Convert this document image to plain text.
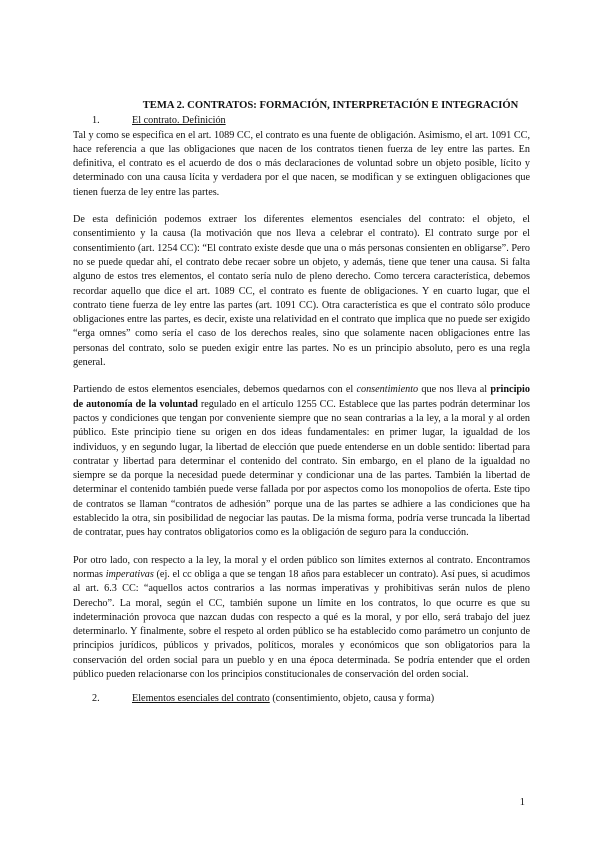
TEMA 2. CONTRATOS: FORMACIÓN, INTERPRETACIÓN E INTEGRACIÓN
1.	El contrato. Definición

Tal y como se especifica en el art. 1089 CC, el contrato es una fuente de obligación. Asimismo, el art. 1091 CC, hace referencia a que las obligaciones que nacen de los contratos tienen fuerza de ley entre las partes. En definitiva, el contrato es el acuerdo de dos o más declaraciones de voluntad sobre un objeto posible, lícito y determinado con una causa lícita y verdadera por el que nacen, se modifican y se extinguen obligaciones que tienen fuerza de ley entre las partes.

De esta definición podemos extraer los diferentes elementos esenciales del contrato: el objeto, el consentimiento y la causa (la motivación que nos lleva a celebrar el contrato). El contrato surge por el consentimiento (art. 1254 CC): “El contrato existe desde que una o más personas consienten en obligarse”. Pero no se puede quedar ahí, el contrato debe recaer sobre un objeto, y además, tiene que tener una causa. Si falta alguno de estos tres elementos, el contato sería nulo de pleno derecho. Como tercera característica, debemos recordar aquello que dice el art. 1089 CC, el contrato es fuente de obligaciones. Y en cuarto lugar, que el contrato tiene fuerza de ley entre las partes (art. 1091 CC). Otra característica es que el contrato sólo produce obligaciones entre las partes, es decir, existe una relatividad en el contrato que implica que no puede ser exigido “erga omnes” como sería el caso de los derechos reales, sino que solamente nacen obligaciones entre las personas del contrato, solo se pueden exigir entre las partes. No es un principio absoluto, pero es una regla general.

Partiendo de estos elementos esenciales, debemos quedarnos con el consentimiento que nos lleva al principio de autonomía de la voluntad regulado en el artículo 1255 CC. Establece que las partes podrán determinar los pactos y condiciones que tengan por conveniente siempre que no sean contrarias a la ley, a la moral y al orden público. Este principio tiene su origen en dos ideas fundamentales: en primer lugar, la igualdad de los individuos, y en segundo lugar, la libertad de elección que puede entenderse en un doble sentido: libertad para contratar y libertad para determinar el contenido del contrato. Sin embargo, en el plano de la igualdad no siempre se da porque la necesidad puede determinar y condicionar una de las partes. También la libertad de determinar el contenido también puede verse fallada por por aspectos como los monopolios de oferta. Este tipo de contratos se llaman “contratos de adhesión” porque una de las partes se adhiere a las condiciones que ha establecido la otra, sin posibilidad de negociar las pautas. De la misma forma, podría verse truncada la libertad de contratar, pues hay contratos obligatorios como es la obligación de seguro para la conducción.

Por otro lado, con respecto a la ley, la moral y el orden público son límites externos al contrato. Encontramos normas imperativas (ej. el cc obliga a que se tengan 18 años para establecer un contrato). Así pues, si acudimos al art. 6.3 CC: “aquellos actos contrarios a las normas imperativas y prohibitivas serán nulos de pleno Derecho”. La moral, según el CC, también supone un límite en los contratos, lo que ocurre es que su indeterminación provoca que nazcan dudas con respecto a qué es la moral, y por ello, será trabajo del juez determinarlo. Y finalmente, sobre el respeto al orden público se ha establecido como parámetro un conjunto de principios jurídicos, públicos y privados, políticos, morales y económicos que son obligatorios para la conservación del orden social para un pueblo y en una época determinada. Se podría entender que el orden público pueden relacionarse con los principios constitucionales de conservación del orden social.

2.	Elementos esenciales del contrato (consentimiento, objeto, causa y forma)
1
